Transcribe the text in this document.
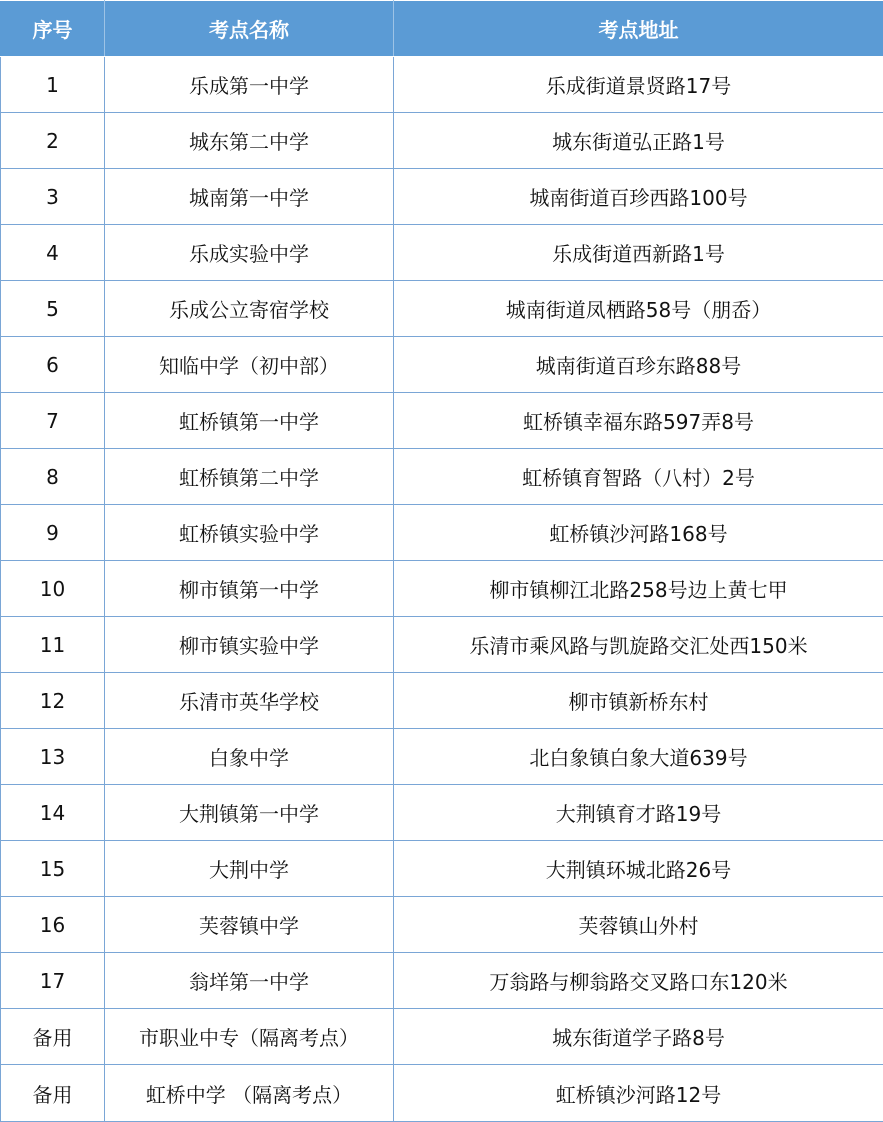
序号	考点名称	考点地址
1	乐成第一中学	乐成街道景贤路17号
2	城东第二中学	城东街道弘正路1号
3	城南第一中学	城南街道百珍西路100号
4	乐成实验中学	乐成街道西新路1号
5	乐成公立寄宿学校	城南街道凤栖路58号（朋岙）
6	知临中学（初中部）	城南街道百珍东路88号
7	虹桥镇第一中学	虹桥镇幸福东路597弄8号
8	虹桥镇第二中学	虹桥镇育智路（八村）2号
9	虹桥镇实验中学	虹桥镇沙河路168号
10	柳市镇第一中学	柳市镇柳江北路258号边上黄七甲
11	柳市镇实验中学	乐清市乘风路与凯旋路交汇处西150米
12	乐清市英华学校	柳市镇新桥东村
13	白象中学	北白象镇白象大道639号
14	大荆镇第一中学	大荆镇育才路19号
15	大荆中学	大荆镇环城北路26号
16	芙蓉镇中学	芙蓉镇山外村
17	翁垟第一中学	万翁路与柳翁路交叉路口东120米
备用	市职业中专（隔离考点）	城东街道学子路8号
备用	虹桥中学 （隔离考点）	虹桥镇沙河路12号
